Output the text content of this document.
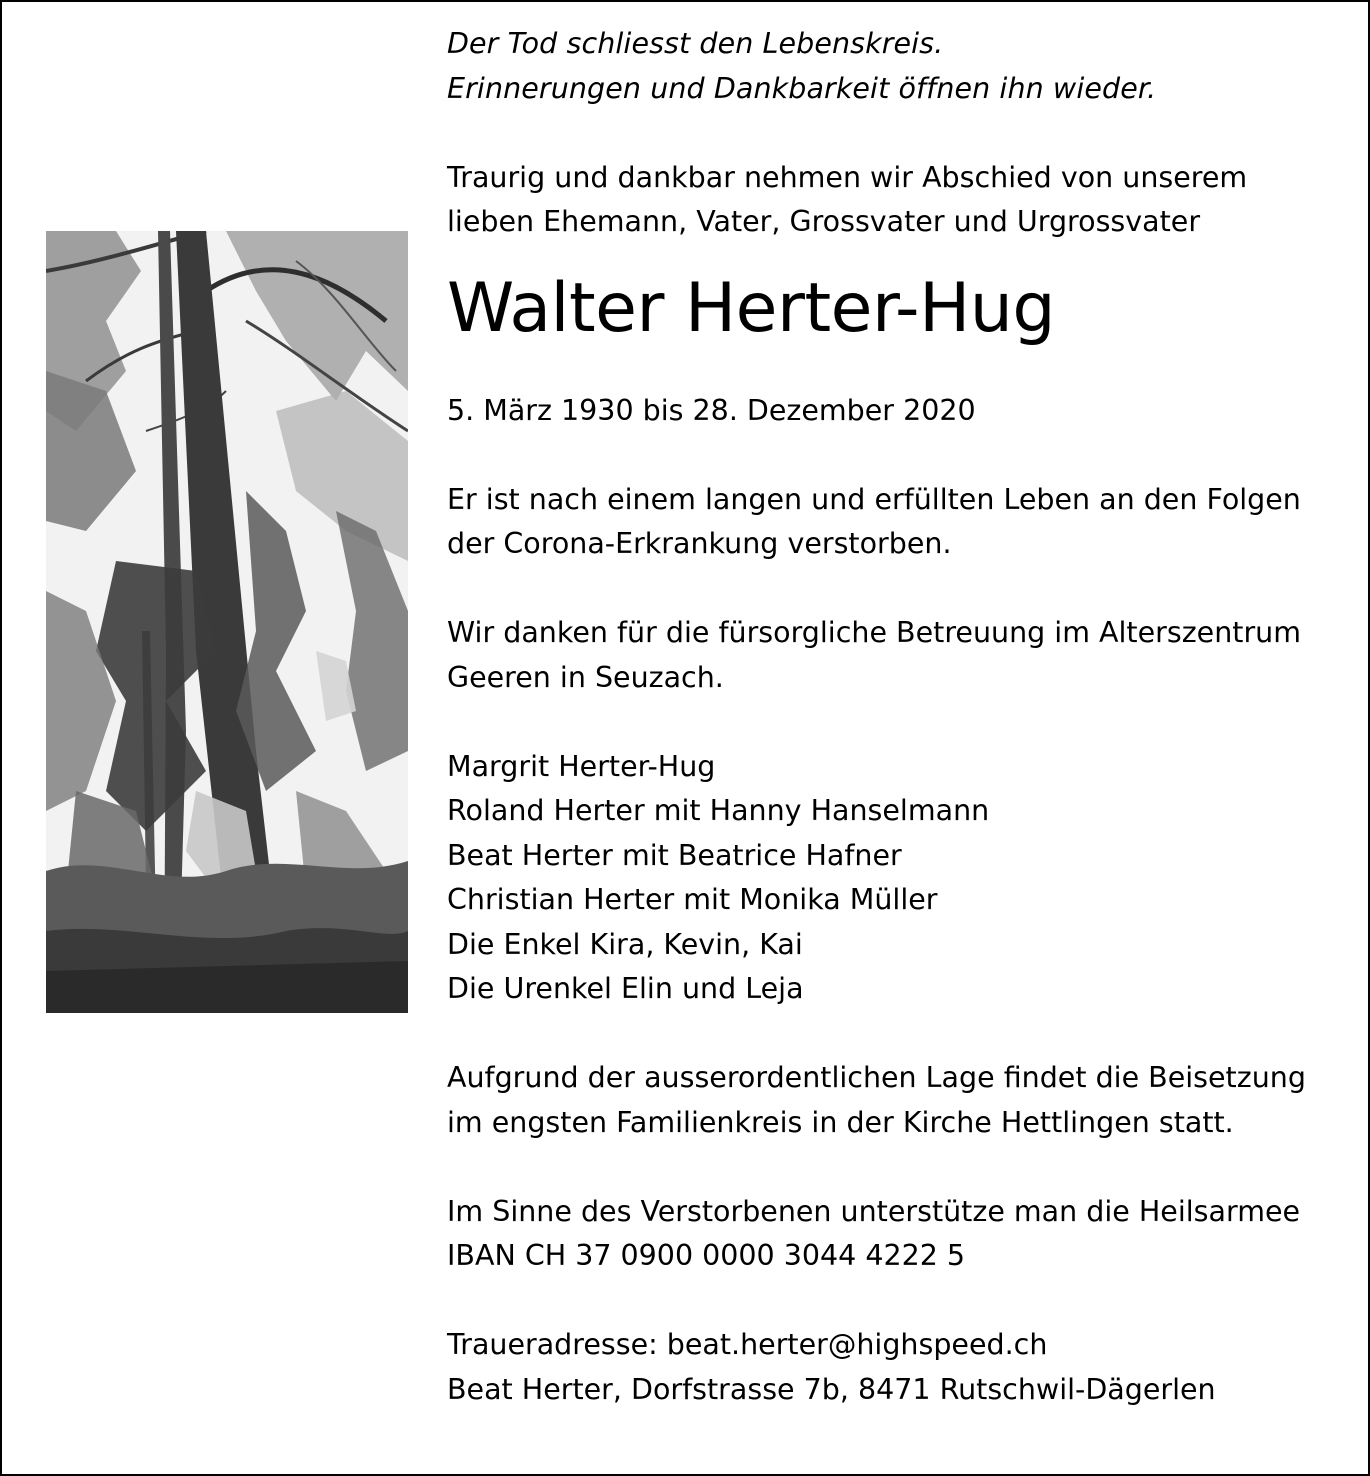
Der Tod schliesst den Lebenskreis.
Erinnerungen und Dankbarkeit öffnen ihn wieder.
Traurig und dankbar nehmen wir Abschied von unserem
lieben Ehemann, Vater, Grossvater und Urgrossvater
Walter Herter-Hug
5. März 1930 bis 28. Dezember 2020
Er ist nach einem langen und erfüllten Leben an den Folgen
der Corona-Erkrankung verstorben.
Wir danken für die fürsorgliche Betreuung im Alterszentrum
Geeren in Seuzach.
Margrit Herter-Hug
Roland Herter mit Hanny Hanselmann
Beat Herter mit Beatrice Hafner
Christian Herter mit Monika Müller
Die Enkel Kira, Kevin, Kai
Die Urenkel Elin und Leja
Aufgrund der ausserordentlichen Lage findet die Beisetzung
im engsten Familienkreis in der Kirche Hettlingen statt.
Im Sinne des Verstorbenen unterstütze man die Heilsarmee
IBAN CH 37 0900 0000 3044 4222 5
Traueradresse: beat.herter@highspeed.ch
Beat Herter, Dorfstrasse 7b, 8471 Rutschwil-Dägerlen
